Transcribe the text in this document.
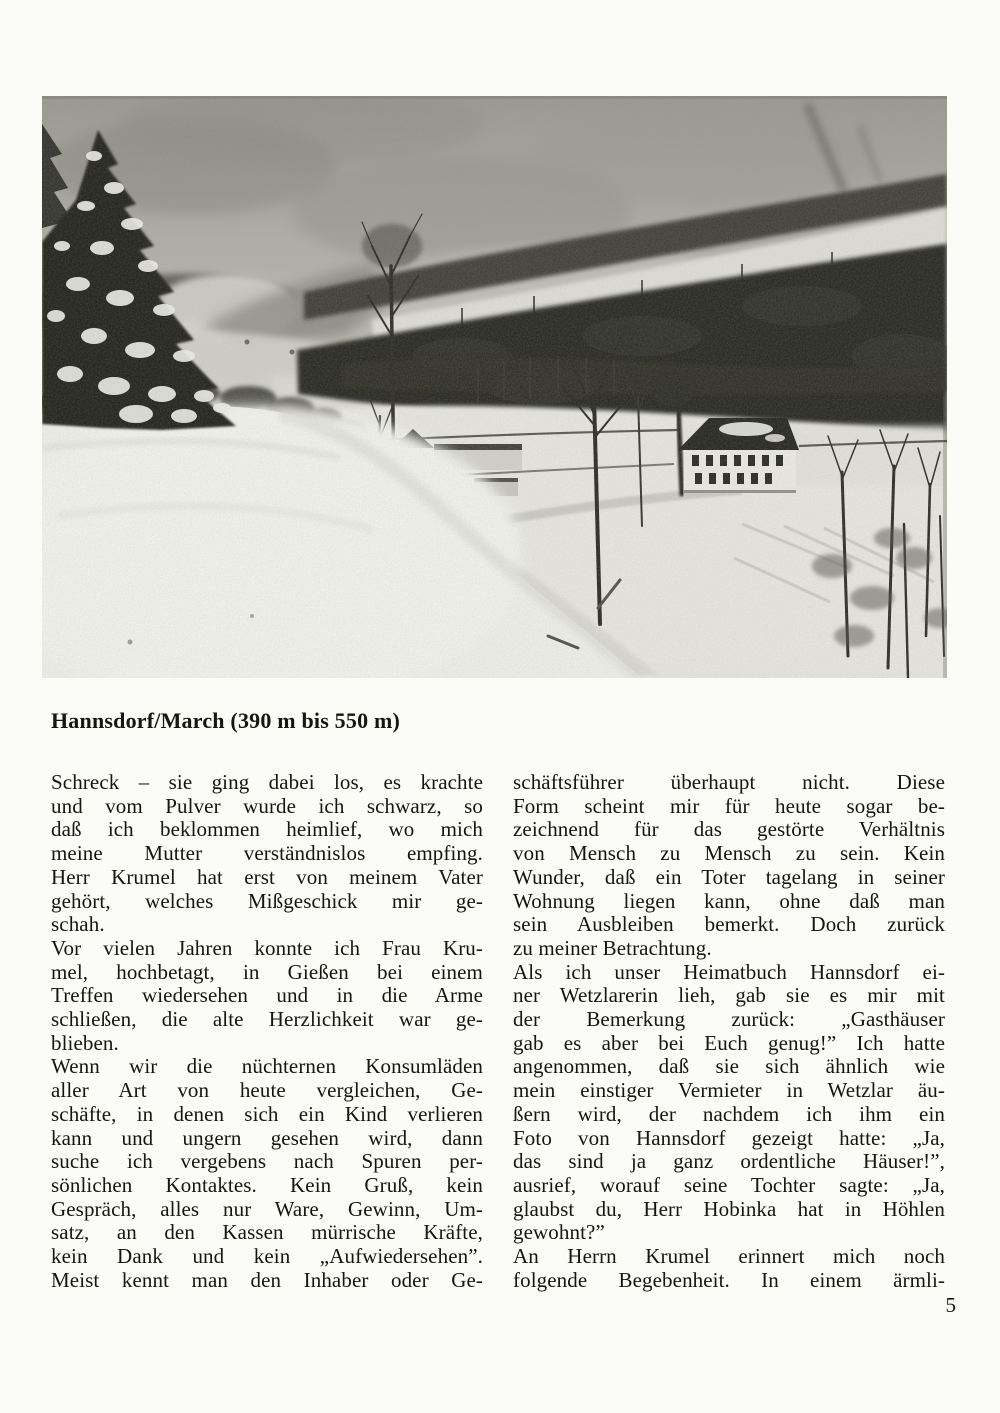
Hannsdorf/March (390 m bis 550 m)
Schreck – sie ging dabei los, es krachte
und vom Pulver wurde ich schwarz, so
daß ich beklommen heimlief, wo mich
meine Mutter verständnislos empfing.
Herr Krumel hat erst von meinem Vater
gehört, welches Mißgeschick mir ge-
schah.
Vor vielen Jahren konnte ich Frau Kru-
mel, hochbetagt, in Gießen bei einem
Treffen wiedersehen und in die Arme
schließen, die alte Herzlichkeit war ge-
blieben.
Wenn wir die nüchternen Konsumläden
aller Art von heute vergleichen, Ge-
schäfte, in denen sich ein Kind verlieren
kann und ungern gesehen wird, dann
suche ich vergebens nach Spuren per-
sönlichen Kontaktes. Kein Gruß, kein
Gespräch, alles nur Ware, Gewinn, Um-
satz, an den Kassen mürrische Kräfte,
kein Dank und kein „Aufwiedersehen”.
Meist kennt man den Inhaber oder Ge-
schäftsführer überhaupt nicht. Diese
Form scheint mir für heute sogar be-
zeichnend für das gestörte Verhältnis
von Mensch zu Mensch zu sein. Kein
Wunder, daß ein Toter tagelang in seiner
Wohnung liegen kann, ohne daß man
sein Ausbleiben bemerkt. Doch zurück
zu meiner Betrachtung.
Als ich unser Heimatbuch Hannsdorf ei-
ner Wetzlarerin lieh, gab sie es mir mit
der Bemerkung zurück: „Gasthäuser
gab es aber bei Euch genug!” Ich hatte
angenommen, daß sie sich ähnlich wie
mein einstiger Vermieter in Wetzlar äu-
ßern wird, der nachdem ich ihm ein
Foto von Hannsdorf gezeigt hatte: „Ja,
das sind ja ganz ordentliche Häuser!”,
ausrief, worauf seine Tochter sagte: „Ja,
glaubst du, Herr Hobinka hat in Höhlen
gewohnt?”
An Herrn Krumel erinnert mich noch
folgende Begebenheit. In einem ärmli-
5
